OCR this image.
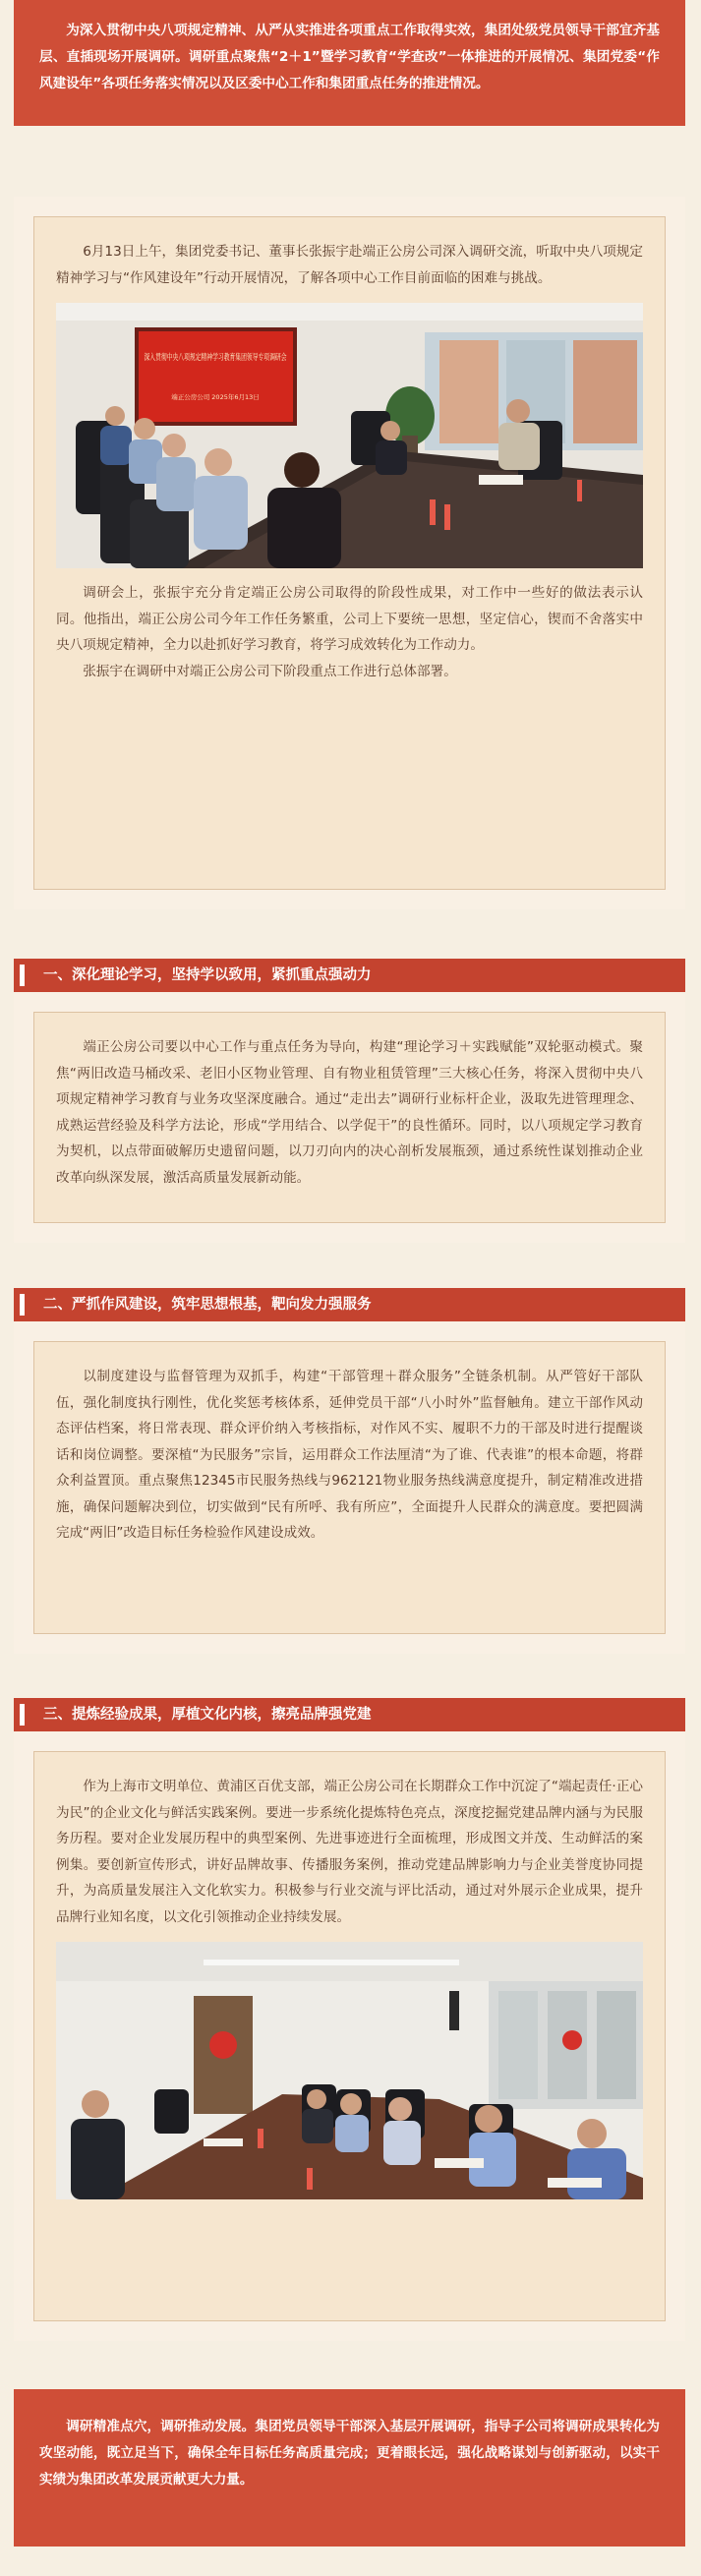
为深入贯彻中央八项规定精神、从严从实推进各项重点工作取得实效，集团处级党员领导干部宜齐基层、直插现场开展调研。调研重点聚焦“2＋1”暨学习教育“学查改”一体推进的开展情况、集团党委“作风建设年”各项任务落实情况以及区委中心工作和集团重点任务的推进情况。

6月13日上午，集团党委书记、董事长张振宇赴端正公房公司深入调研交流，听取中央八项规定精神学习与“作风建设年”行动开展情况，了解各项中心工作目前面临的困难与挑战。

深入贯彻中央八项规定精神学习教育集团领导专项调研会
端正公房公司 2025年6月13日

调研会上，张振宇充分肯定端正公房公司取得的阶段性成果，对工作中一些好的做法表示认同。他指出，端正公房公司今年工作任务繁重，公司上下要统一思想，坚定信心，锲而不舍落实中央八项规定精神，全力以赴抓好学习教育，将学习成效转化为工作动力。

张振宇在调研中对端正公房公司下阶段重点工作进行总体部署。

一、深化理论学习，坚持学以致用，紧抓重点强动力

端正公房公司要以中心工作与重点任务为导向，构建“理论学习＋实践赋能”双轮驱动模式。聚焦“两旧改造马桶改采、老旧小区物业管理、自有物业租赁管理”三大核心任务，将深入贯彻中央八项规定精神学习教育与业务攻坚深度融合。通过“走出去”调研行业标杆企业，汲取先进管理理念、成熟运营经验及科学方法论，形成“学用结合、以学促干”的良性循环。同时，以八项规定学习教育为契机，以点带面破解历史遗留问题，以刀刃向内的决心剖析发展瓶颈，通过系统性谋划推动企业改革向纵深发展，激活高质量发展新动能。

二、严抓作风建设，筑牢思想根基，靶向发力强服务

以制度建设与监督管理为双抓手，构建“干部管理＋群众服务”全链条机制。从严管好干部队伍，强化制度执行刚性，优化奖惩考核体系，延伸党员干部“八小时外”监督触角。建立干部作风动态评估档案，将日常表现、群众评价纳入考核指标，对作风不实、履职不力的干部及时进行提醒谈话和岗位调整。要深植“为民服务”宗旨，运用群众工作法厘清“为了谁、代表谁”的根本命题，将群众利益置顶。重点聚焦12345市民服务热线与962121物业服务热线满意度提升，制定精准改进措施，确保问题解决到位，切实做到“民有所呼、我有所应”，全面提升人民群众的满意度。要把圆满完成“两旧”改造目标任务检验作风建设成效。

三、提炼经验成果，厚植文化内核，擦亮品牌强党建

作为上海市文明单位、黄浦区百优支部，端正公房公司在长期群众工作中沉淀了“端起责任·正心为民”的企业文化与鲜活实践案例。要进一步系统化提炼特色亮点，深度挖掘党建品牌内涵与为民服务历程。要对企业发展历程中的典型案例、先进事迹进行全面梳理，形成图文并茂、生动鲜活的案例集。要创新宣传形式，讲好品牌故事、传播服务案例，推动党建品牌影响力与企业美誉度协同提升，为高质量发展注入文化软实力。积极参与行业交流与评比活动，通过对外展示企业成果，提升品牌行业知名度，以文化引领推动企业持续发展。

调研精准点穴，调研推动发展。集团党员领导干部深入基层开展调研，指导子公司将调研成果转化为攻坚动能，既立足当下，确保全年目标任务高质量完成；更着眼长远，强化战略谋划与创新驱动，以实干实绩为集团改革发展贡献更大力量。
